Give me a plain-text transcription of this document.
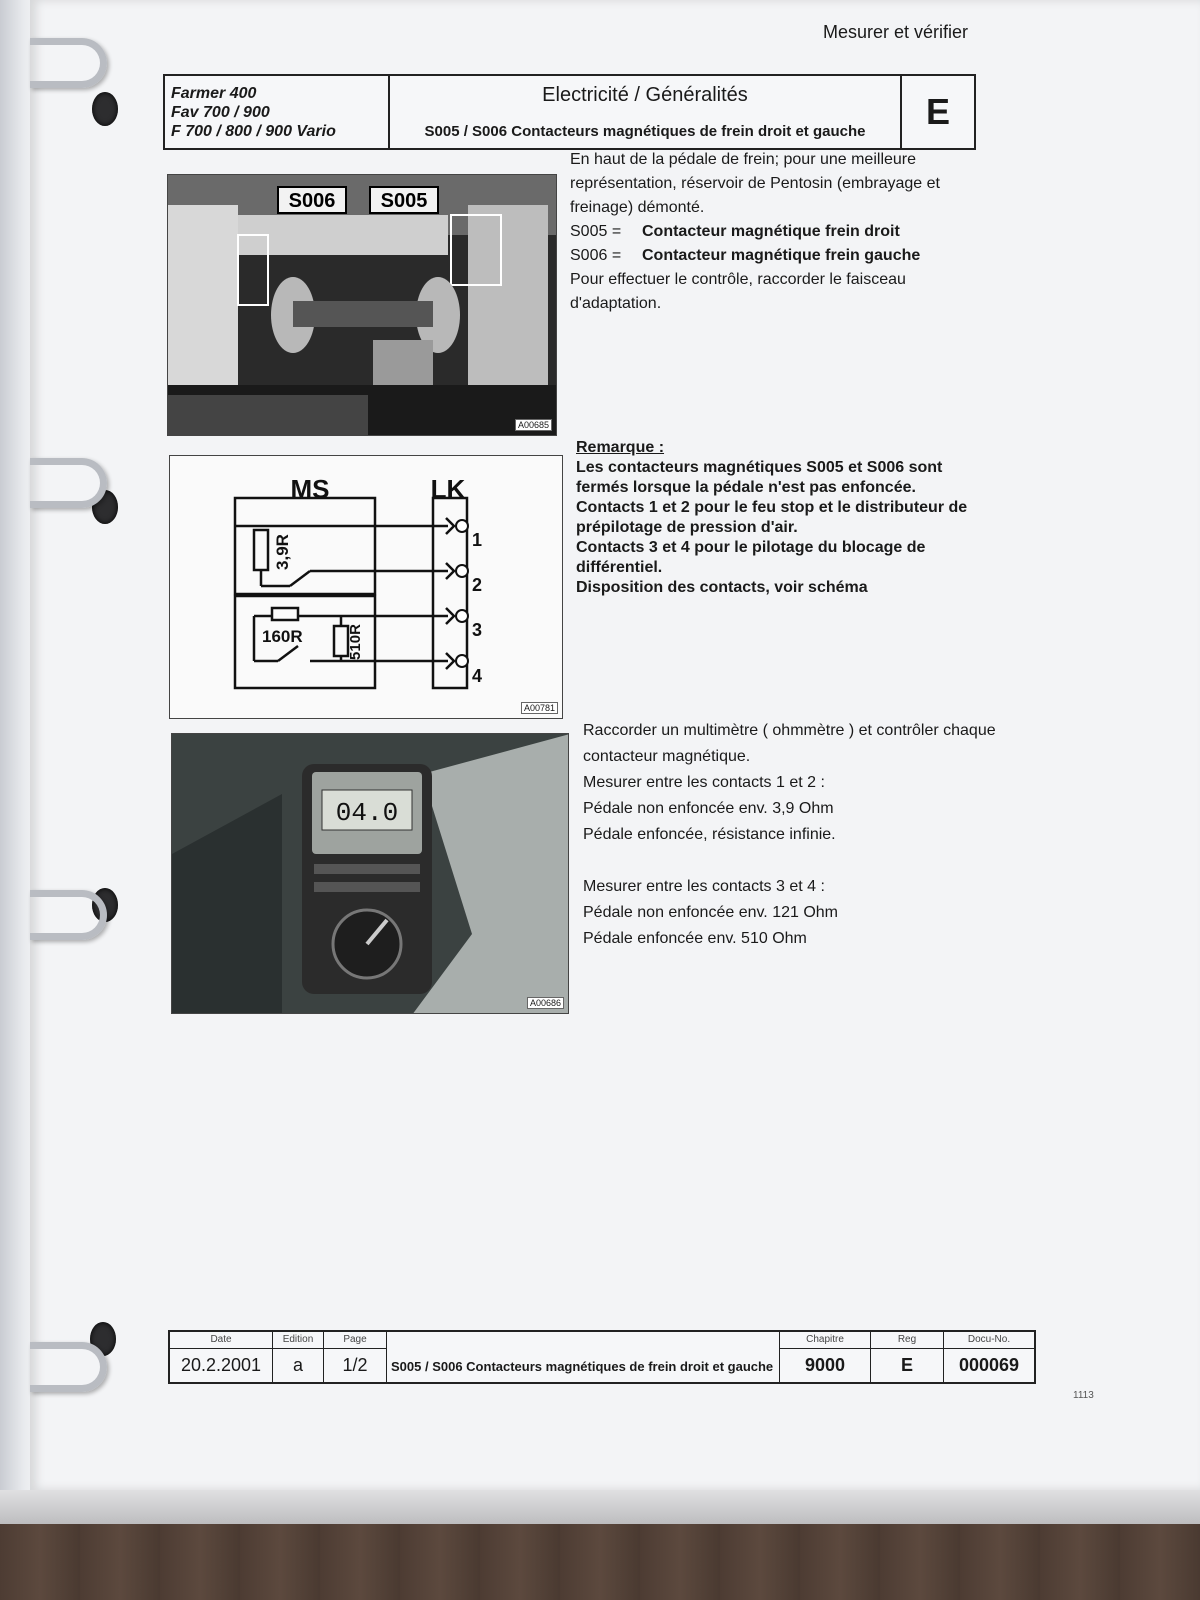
Mesurer et vérifier
Farmer 400
Fav 700 / 900
F 700 / 800 / 900 Vario
Electricité / Généralités
S005 / S006 Contacteurs magnétiques de frein droit et gauche	E
S006 S005
A00685
MS	LK
3,9R
160R	510R
1
2
3
4
A00781
04.0
A00686
En haut de la pédale de frein; pour une meilleure représentation, réservoir de Pentosin (embrayage et freinage) démonté.
S005 =	Contacteur magnétique frein droit
S006 =	Contacteur magnétique frein gauche
Pour effectuer le contrôle, raccorder le faisceau d'adaptation.
Remarque :
Les contacteurs magnétiques S005 et S006 sont fermés lorsque la pédale n'est pas enfoncée.
Contacts 1 et 2 pour le feu stop et le distributeur de prépilotage de pression d'air.
Contacts 3 et 4 pour le pilotage du blocage de différentiel.
Disposition des contacts, voir schéma
Raccorder un multimètre ( ohmmètre ) et contrôler chaque contacteur magnétique.
Mesurer entre les contacts 1 et 2 :
Pédale non enfoncée env. 3,9 Ohm
Pédale enfoncée, résistance infinie.
Mesurer entre les contacts 3 et 4 :
Pédale non enfoncée env. 121 Ohm
Pédale enfoncée env. 510 Ohm
Date
20.2.2001
Edition
a
Page
1/2	S005 / S006 Contacteurs magnétiques de frein droit et gauche
Chapitre
9000
Reg
E
Docu-No.
000069
1113
